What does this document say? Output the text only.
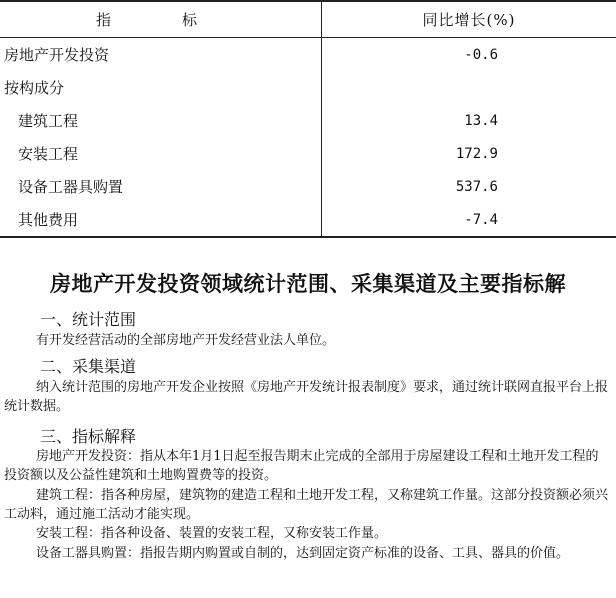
指　标	同比增长(%)
房地产开发投资	-0.6
按构成分	
建筑工程	13.4
安装工程	172.9
设备工器具购置	537.6
其他费用	-7.4
房地产开发投资领域统计范围、采集渠道及主要指标解
一、统计范围

有开发经营活动的全部房地产开发经营业法人单位。

二、采集渠道

纳入统计范围的房地产开发企业按照《房地产开发统计报表制度》要求，通过统计联网直报平台上报统计数据。

三、指标解释

房地产开发投资：指从本年1月1日起至报告期末止完成的全部用于房屋建设工程和土地开发工程的投资额以及公益性建筑和土地购置费等的投资。

建筑工程：指各种房屋，建筑物的建造工程和土地开发工程，又称建筑工作量。这部分投资额必须兴工动料，通过施工活动才能实现。

安装工程：指各种设备、装置的安装工程，又称安装工作量。

设备工器具购置：指报告期内购置或自制的，达到固定资产标准的设备、工具、器具的价值。
